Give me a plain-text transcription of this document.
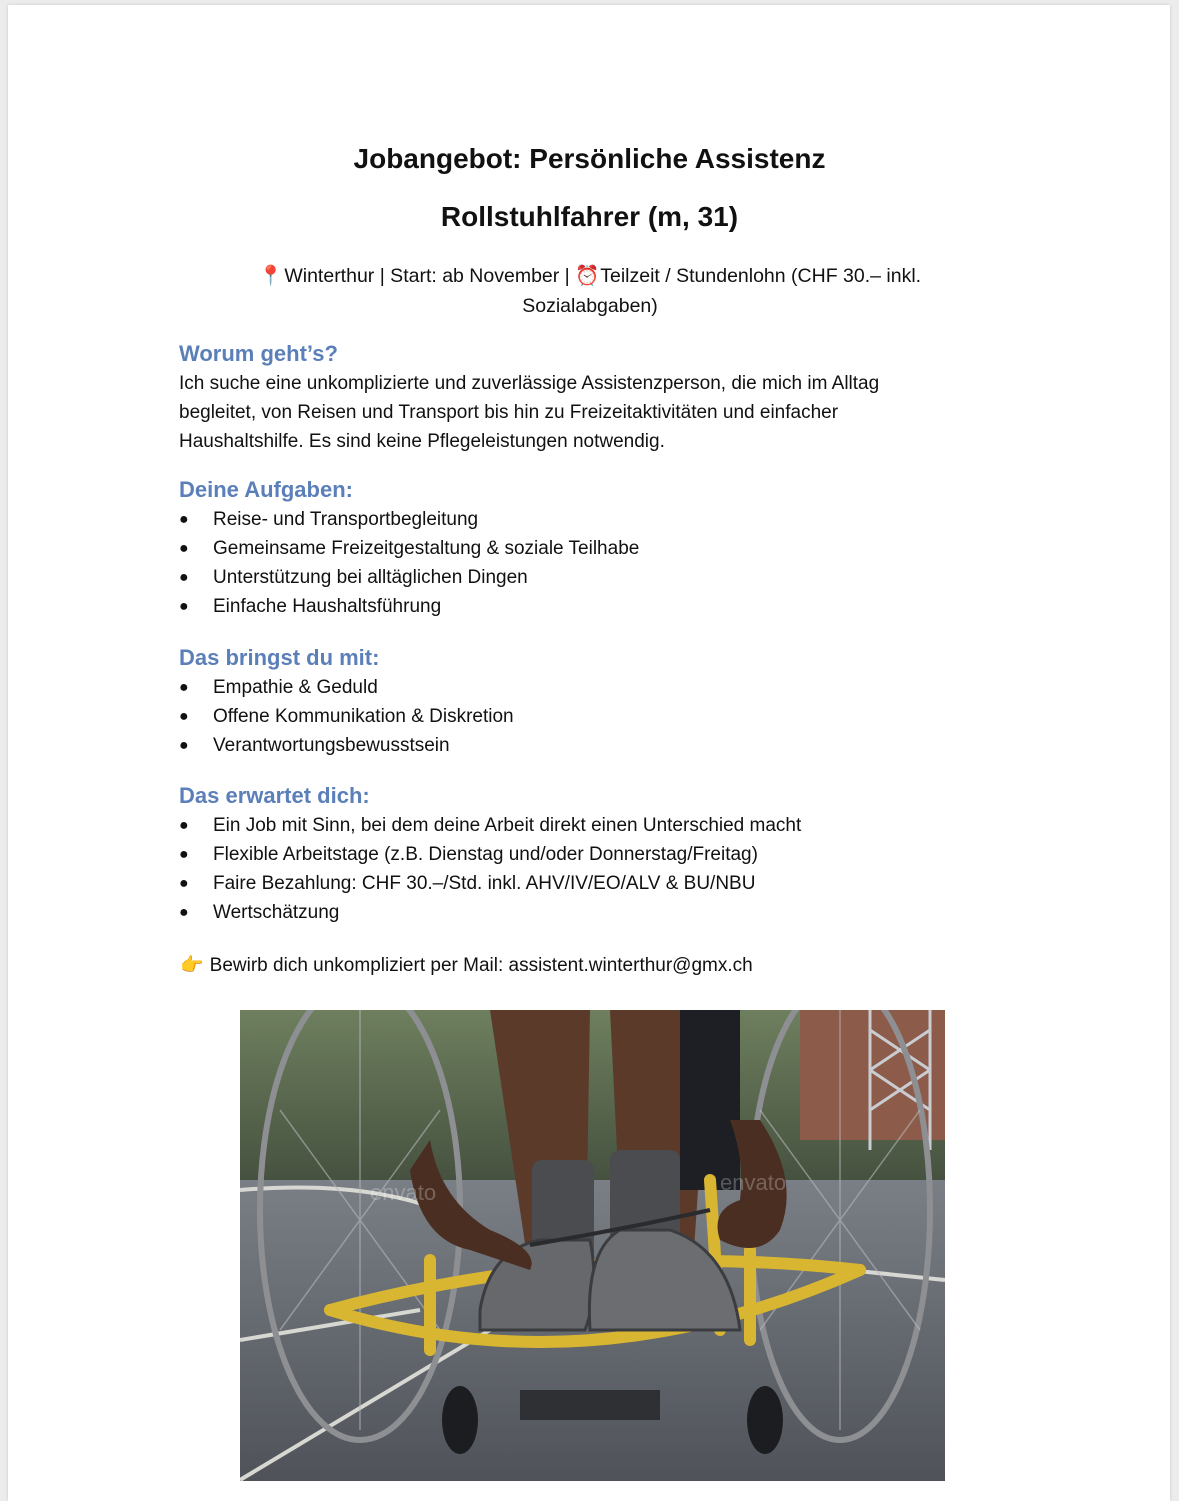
Jobangebot: Persönliche Assistenz
Rollstuhlfahrer (m, 31)
📍 Winterthur | Start: ab November | ⏰ Teilzeit / Stundenlohn (CHF 30.– inkl.
Sozialabgaben)
Worum geht’s?
Ich suche eine unkomplizierte und zuverlässige Assistenzperson, die mich im Alltag
begleitet, von Reisen und Transport bis hin zu Freizeitaktivitäten und einfacher
Haushaltshilfe. Es sind keine Pflegeleistungen notwendig.
Deine Aufgaben:
● Reise- und Transportbegleitung
● Gemeinsame Freizeitgestaltung & soziale Teilhabe
● Unterstützung bei alltäglichen Dingen
● Einfache Haushaltsführung
Das bringst du mit:
● Empathie & Geduld
● Offene Kommunikation & Diskretion
● Verantwortungsbewusstsein
Das erwartet dich:
● Ein Job mit Sinn, bei dem deine Arbeit direkt einen Unterschied macht
● Flexible Arbeitstage (z.B. Dienstag und/oder Donnerstag/Freitag)
● Faire Bezahlung: CHF 30.–/Std. inkl. AHV/IV/EO/ALV & BU/NBU
● Wertschätzung
👉 Bewirb dich unkompliziert per Mail: assistent.winterthur@gmx.ch
envato	envato
